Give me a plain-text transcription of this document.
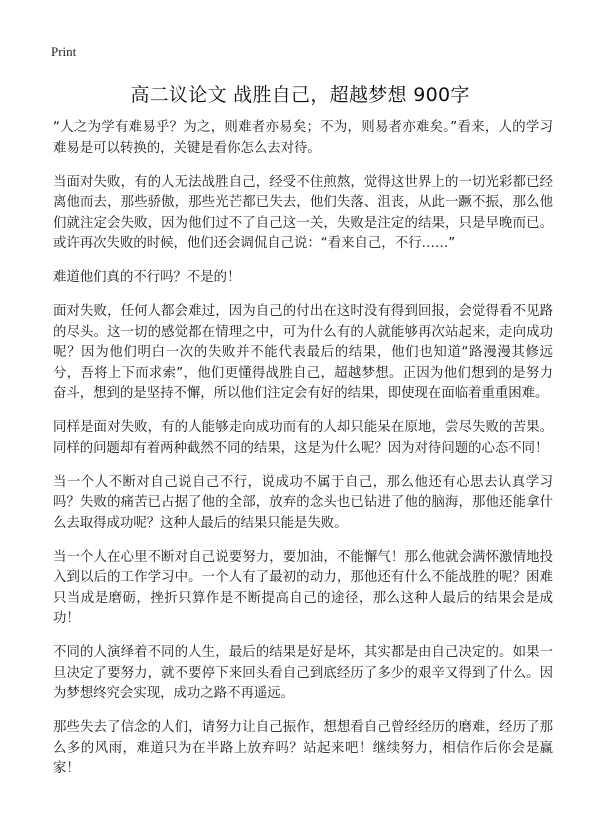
Print
高二议论文 战胜自己，超越梦想 900字

“人之为学有难易乎？为之，则难者亦易矣；不为，则易者亦难矣。”看来，人的学习难易是可以转换的，关键是看你怎么去对待。

当面对失败，有的人无法战胜自己，经受不住煎熬，觉得这世界上的一切光彩都已经离他而去，那些骄傲，那些光芒都已失去，他们失落、沮丧，从此一蹶不振，那么他们就注定会失败，因为他们过不了自己这一关，失败是注定的结果，只是早晚而已。或许再次失败的时候，他们还会调侃自己说：“看来自己，不行……”

难道他们真的不行吗？不是的！

面对失败，任何人都会难过，因为自己的付出在这时没有得到回报，会觉得看不见路的尽头。这一切的感觉都在情理之中，可为什么有的人就能够再次站起来，走向成功呢？因为他们明白一次的失败并不能代表最后的结果，他们也知道“路漫漫其修远兮，吾将上下而求索”，他们更懂得战胜自己，超越梦想。正因为他们想到的是努力奋斗，想到的是坚持不懈，所以他们注定会有好的结果，即使现在面临着重重困难。

同样是面对失败，有的人能够走向成功而有的人却只能呆在原地，尝尽失败的苦果。同样的问题却有着两种截然不同的结果，这是为什么呢？因为对待问题的心态不同！

当一个人不断对自己说自己不行，说成功不属于自己，那么他还有心思去认真学习吗？失败的痛苦已占据了他的全部，放弃的念头也已钻进了他的脑海，那他还能拿什么去取得成功呢？这种人最后的结果只能是失败。

当一个人在心里不断对自己说要努力，要加油，不能懈气！那么他就会满怀激情地投入到以后的工作学习中。一个人有了最初的动力，那他还有什么不能战胜的呢？困难只当成是磨砺，挫折只算作是不断提高自己的途径，那么这种人最后的结果会是成功！

不同的人演绎着不同的人生，最后的结果是好是坏，其实都是由自己决定的。如果一旦决定了要努力，就不要停下来回头看自己到底经历了多少的艰辛又得到了什么。因为梦想终究会实现，成功之路不再遥远。

那些失去了信念的人们，请努力让自己振作，想想看自己曾经经历的磨难，经历了那么多的风雨，难道只为在半路上放弃吗？站起来吧！继续努力，相信作后你会是赢家！
